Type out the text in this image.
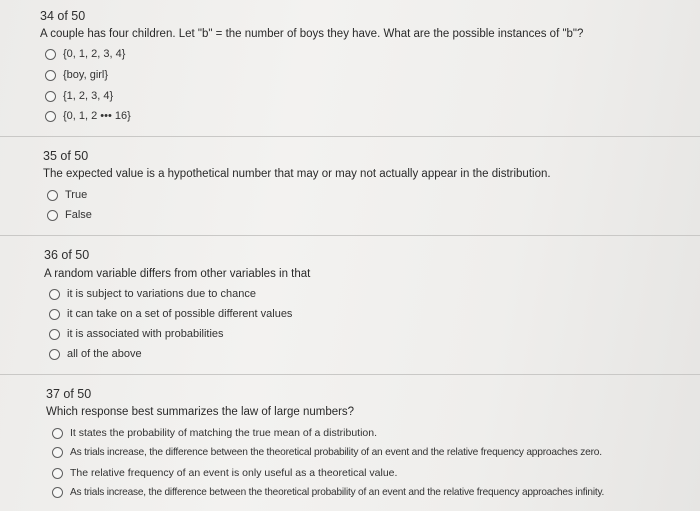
34 of 50
A couple has four children. Let "b" = the number of boys they have. What are the possible instances of "b"?
{0, 1, 2, 3, 4}
{boy, girl}
{1, 2, 3, 4}
{0, 1, 2 ••• 16}
35 of 50
The expected value is a hypothetical number that may or may not actually appear in the distribution.
True
False
36 of 50
A random variable differs from other variables in that
it is subject to variations due to chance
it can take on a set of possible different values
it is associated with probabilities
all of the above
37 of 50
Which response best summarizes the law of large numbers?
It states the probability of matching the true mean of a distribution.
As trials increase, the difference between the theoretical probability of an event and the relative frequency approaches zero.
The relative frequency of an event is only useful as a theoretical value.
As trials increase, the difference between the theoretical probability of an event and the relative frequency approaches infinity.
